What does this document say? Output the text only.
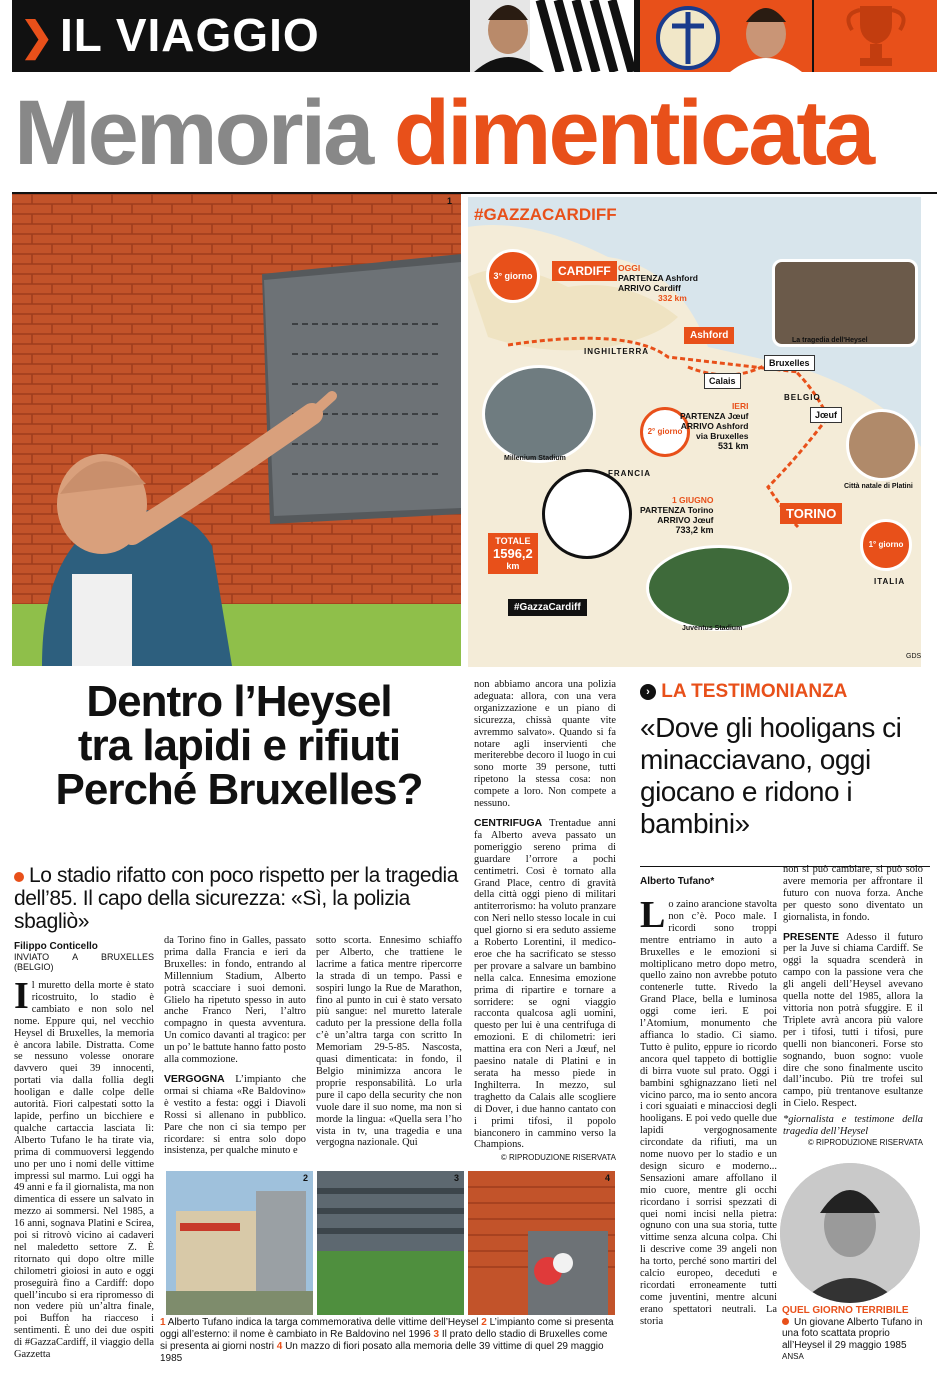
❯ IL VIAGGIO
Memoria dimenticata
1
#GAZZACARDIFF
3° giorno
2° giorno
1° giorno
CARDIFF
Ashford
Calais
Bruxelles
Jœuf
TORINO
INGHILTERRA
BELGIO
FRANCIA
ITALIA
OGGI
PARTENZA Ashford
ARRIVO Cardiff
332 km
IERI
PARTENZA Jœuf
ARRIVO Ashford
via Bruxelles
531 km
1 GIUGNO
PARTENZA Torino
ARRIVO Jœuf
733,2 km
La tragedia dell'Heysel
Millenium Stadium
Città natale di Platini
Juventus Stadium
TOTALE
1596,2
km
#GazzaCardiff
GDS
Dentro l’Heysel
tra lapidi e rifiuti
Perché Bruxelles?
Lo stadio rifatto con poco rispetto per la tragedia dell’85. Il capo della sicurezza: «Sì, la polizia sbagliò»
Filippo Conticello
INVIATO A BRUXELLES (BELGIO)
I l muretto della morte è stato ricostruito, lo stadio è cambiato e non solo nel nome. Eppure qui, nel vecchio Heysel di Bruxelles, la memoria è ancora labile. Distratta. Come se nessuno volesse onorare davvero quei 39 innocenti, portati via dalla follia degli hooligan e dalle colpe delle autorità. Fiori calpestati sotto la lapide, perfino un bicchiere e qualche cartaccia lasciata lì: Alberto Tufano le ha tirate via, prima di commuoversi leggendo uno per uno i nomi delle vittime impressi sul marmo. Lui oggi ha 49 anni e fa il giornalista, ma non dimentica di essere un salvato in mezzo ai sommersi. Nel 1985, a 16 anni, sognava Platini e Scirea, poi si ritrovò vicino ai cadaveri nel maledetto settore Z. È ritornato qui dopo oltre mille chilometri gioiosi in auto e oggi proseguirà fino a Cardiff: dopo quell’incubo si era ripromesso di non vedere più un’altra finale, poi Buffon ha riacceso i sentimenti. È uno dei due ospiti di #GazzaCardiff, il viaggio della Gazzetta
da Torino fino in Galles, passato prima dalla Francia e ieri da Bruxelles: in fondo, entrando al Millennium Stadium, Alberto potrà scacciare i suoi demoni. Glielo ha ripetuto spesso in auto anche Franco Neri, l’altro compagno in questa avventura. Un comico davanti al tragico: per un po’ le battute hanno fatto posto alla commozione.
VERGOGNA L’impianto che ormai si chiama «Re Baldovino» è vestito a festa: oggi i Diavoli Rossi si allenano in pubblico. Pare che non ci sia tempo per ricordare: si entra solo dopo insistenza, per qualche minuto e
sotto scorta. Ennesimo schiaffo per Alberto, che trattiene le lacrime a fatica mentre ripercorre la strada di un tempo. Passi e sospiri lungo la Rue de Marathon, fino al punto in cui è stato versato più sangue: nel muretto laterale caduto per la pressione della folla c’è un’altra targa con scritto In Memoriam 29-5-85. Nascosta, quasi dimenticata: in fondo, il Belgio minimizza ancora le proprie responsabilità. Lo urla pure il capo della security che non vuole dare il suo nome, ma non si morde la lingua: «Quella sera l’ho vista in tv, una tragedia e una vergogna nazionale. Qui
non abbiamo ancora una polizia adeguata: allora, con una vera organizzazione e un piano di sicurezza, chissà quante vite avremmo salvato». Quando si fa notare agli inservienti che meriterebbe decoro il luogo in cui sono morte 39 persone, tutti ripetono la stessa cosa: non compete a loro. Non compete a nessuno.
CENTRIFUGA Trentadue anni fa Alberto aveva passato un pomeriggio sereno prima di guardare l’orrore a pochi centimetri. Così è tornato alla Grand Place, centro di gravità della città oggi pieno di militari antiterrorismo: ha voluto pranzare con Neri nello stesso locale in cui quel giorno si era seduto assieme a Roberto Lorentini, il medico-eroe che ha sacrificato se stesso per provare a salvare un bambino nella calca. Ennesima emozione prima di ripartire e tornare a sorridere: se ogni viaggio racconta qualcosa agli uomini, questo per lui è una centrifuga di emozioni. E di chilometri: ieri mattina era con Neri a Jœuf, nel paesino natale di Platini e in serata ha messo piede in Inghilterra. In mezzo, sul traghetto da Calais alle scogliere di Dover, i due hanno cantato con i primi tifosi, il popolo bianconero in cammino verso la Champions.
© RIPRODUZIONE RISERVATA
2	3	4
1 Alberto Tufano indica la targa commemorativa delle vittime dell’Heysel 2 L’impianto come si presenta oggi all’esterno: il nome è cambiato in Re Baldovino nel 1996 3 Il prato dello stadio di Bruxelles come si presenta ai giorni nostri 4 Un mazzo di fiori posato alla memoria delle 39 vittime di quel 29 maggio 1985
› LA TESTIMONIANZA
«Dove gli hooligans ci minacciavano, oggi giocano e ridono i bambini»
Alberto Tufano*
L o zaino arancione stavolta non c’è. Poco male. I ricordi sono troppi mentre entriamo in auto a Bruxelles e le emozioni si moltiplicano metro dopo metro, quello zaino non avrebbe potuto contenerle tutte. Rivedo la Grand Place, bella e luminosa oggi come ieri. E poi l’Atomium, monumento che affianca lo stadio. Ci siamo. Tutto è pulito, eppure io ricordo ancora quel tappeto di bottiglie di birra vuote sul prato. Oggi i bambini sghignazzano lieti nel vicino parco, ma io sento ancora i cori sguaiati e minacciosi degli hooligans. E poi vedo quelle due lapidi vergognosamente circondate da rifiuti, ma un nome nuovo per lo stadio e un design sicuro e moderno... Sensazioni amare affollano il mio cuore, mentre gli occhi ricordano i sorrisi spezzati di quei nomi incisi nella pietra: ognuno con una sua storia, tutte vittime senza alcuna colpa. Chi li descrive come 39 angeli non ha torto, perché sono martiri del calcio europeo, deceduti e ricordati erroneamente tutti come juventini, mentre alcuni erano spettatori neutrali. La storia
non si può cambiare, si può solo avere memoria per affrontare il futuro con nuova forza. Anche per questo sono diventato un giornalista, in fondo.
PRESENTE Adesso il futuro per la Juve si chiama Cardiff. Se oggi la squadra scenderà in campo con la passione vera che gli angeli dell’Heysel avevano quella notte del 1985, allora la vittoria non potrà sfuggire. E il Triplete avrà ancora più valore per i tifosi, tutti i tifosi, pure quelli non bianconeri. Forse sto sognando, buon sogno: vuole dire che sono finalmente uscito dall’incubo. Più tre trofei sul campo, più trentanove esultanze in Cielo. Respect.
*giornalista e testimone della tragedia dell’Heysel
© RIPRODUZIONE RISERVATA
QUEL GIORNO TERRIBILE
Un giovane Alberto Tufano in una foto scattata proprio all’Heysel il 29 maggio 1985 ANSA
